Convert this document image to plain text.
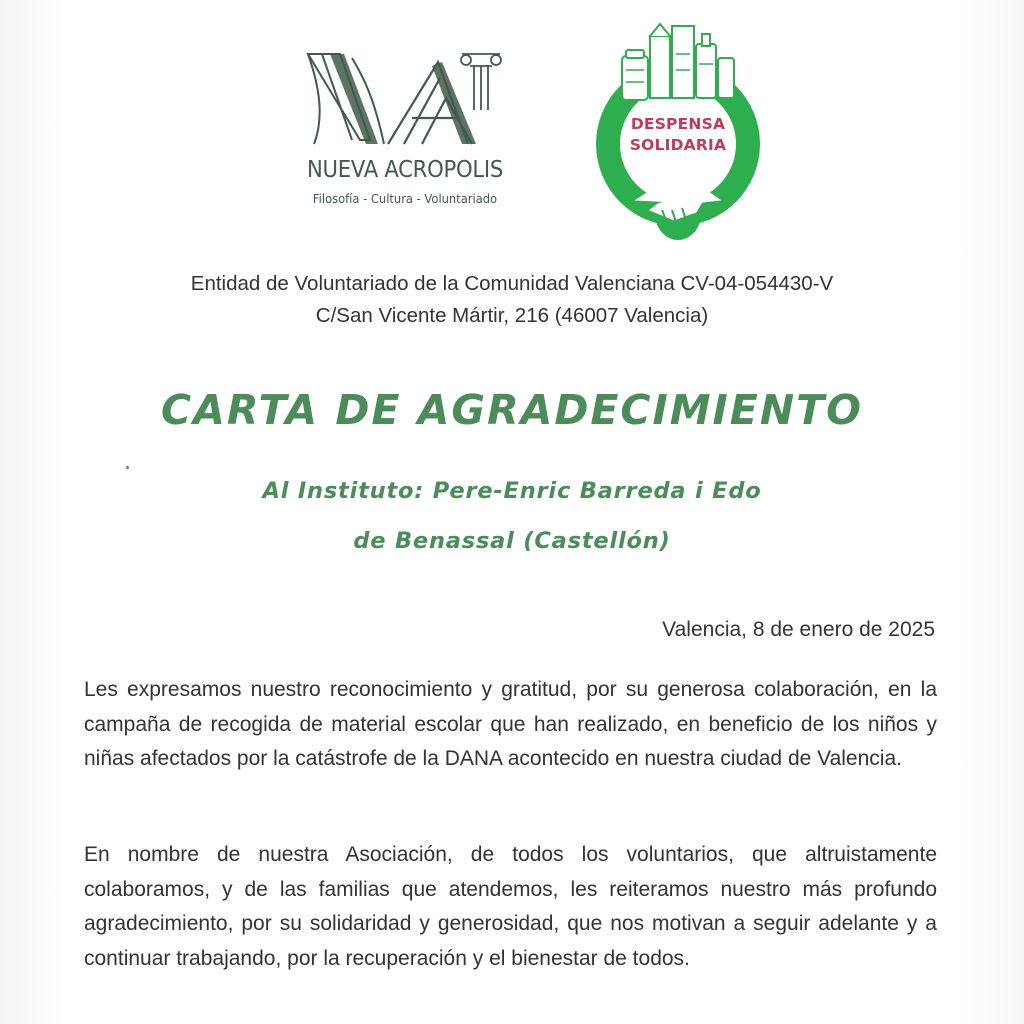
NUEVA ACROPOLIS
Filosofía - Cultura - Voluntariado
DESPENSA
SOLIDARIA
Entidad de Voluntariado de la Comunidad Valenciana CV-04-054430-V
C/San Vicente Mártir, 216 (46007 Valencia)
CARTA DE AGRADECIMIENTO
Al Instituto: Pere-Enric Barreda i Edo
de Benassal (Castellón)
Valencia, 8 de enero de 2025
Les expresamos nuestro reconocimiento y gratitud, por su generosa colaboración, en la campaña de recogida de material escolar que han realizado, en beneficio de los niños y niñas afectados por la catástrofe de la DANA acontecido en nuestra ciudad de Valencia.
En nombre de nuestra Asociación, de todos los voluntarios, que altruistamente colaboramos, y de las familias que atendemos, les reiteramos nuestro más profundo agradecimiento, por su solidaridad y generosidad, que nos motivan a seguir adelante y a continuar trabajando, por la recuperación y el bienestar de todos.
